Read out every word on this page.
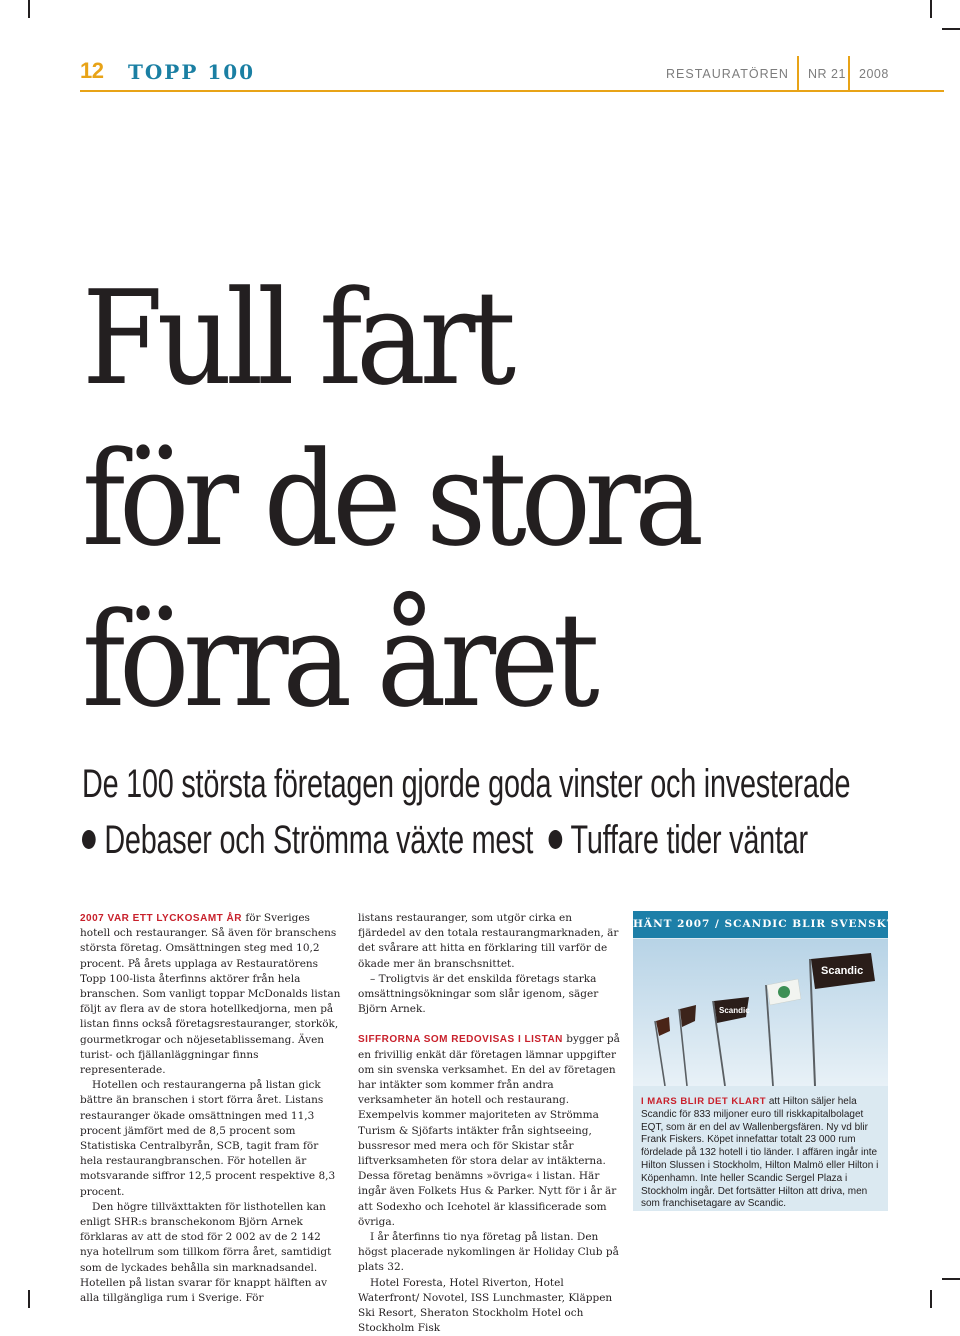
12 TOPP 100	RESTAURATÖREN NR 21 2008
Full fart
för de stora
förra året
De 100 största företagen gjorde goda vinster och investerade
Debaser och Strömma växte mest Tuffare tider väntar

2007 VAR ETT LYCKOSAMT ÅR för Sveriges hotell och restauranger. Så även för branschens största företag. Omsättningen steg med 10,2 procent. På årets upplaga av Restauratörens Topp 100-lista återfinns aktörer från hela branschen. Som vanligt toppar McDonalds listan följt av flera av de stora hotellkedjorna, men på listan finns också företagsrestauranger, storkök, gourmetkrogar och nöjesetablissemang. Även turist- och fjällanläggningar finns representerade.

Hotellen och restaurangerna på listan gick bättre än branschen i stort förra året. Listans restauranger ökade omsättningen med 11,3 procent jämfört med de 8,5 procent som Statistiska Centralbyrån, SCB, tagit fram för hela restaurangbranschen. För hotellen är motsvarande siffror 12,5 procent respektive 8,3 procent.

Den högre tillväxttakten för listhotellen kan enligt SHR:s branschekonom Björn Arnek förklaras av att de stod för 2 002 av de 2 142 nya hotellrum som tillkom förra året, samtidigt som de lyckades behålla sin marknadsandel. Hotellen på listan svarar för knappt hälften av alla tillgängliga rum i Sverige. För

listans restauranger, som utgör cirka en fjärdedel av den totala restaurangmarknaden, är det svårare att hitta en förklaring till varför de ökade mer än branschsnittet.

– Troligtvis är det enskilda företags starka omsättningsökningar som slår igenom, säger Björn Arnek.

SIFFRORNA SOM REDOVISAS I LISTAN bygger på en frivillig enkät där företagen lämnar uppgifter om sin svenska verksamhet. En del av företagen har intäkter som kommer från andra verksamheter än hotell och restaurang. Exempelvis kommer majoriteten av Strömma Turism & Sjöfarts intäkter från sightseeing, bussresor med mera och för Skistar står liftverksamheten för stora delar av intäkterna. Dessa företag benämns »övriga« i listan. Här ingår även Folkets Hus & Parker. Nytt för i år är att Sodexho och Icehotel är klassificerade som övriga.

I år återfinns tio nya företag på listan. Den högst placerade nykomlingen är Holiday Club på plats 32.

Hotel Foresta, Hotel Riverton, Hotel Waterfront/ Novotel, ISS Lunchmaster, Kläppen Ski Resort, Sheraton Stockholm Hotel och Stockholm Fisk

HÄNT 2007 / SCANDIC BLIR SVENSKT IGEN
Scandic
Scandic

I MARS BLIR DET KLART att Hilton säljer hela Scandic för 833 miljoner euro till riskkapitalbolaget EQT, som är en del av Wallenbergsfären. Ny vd blir Frank Fiskers. Köpet innefattar totalt 23 000 rum fördelade på 132 hotell i tio länder. I affären ingår inte Hilton Slussen i Stockholm, Hilton Malmö eller Hilton i Köpenhamn. Inte heller Scandic Sergel Plaza i Stockholm ingår. Det fortsätter Hilton att driva, men som franchisetagare av Scandic.
